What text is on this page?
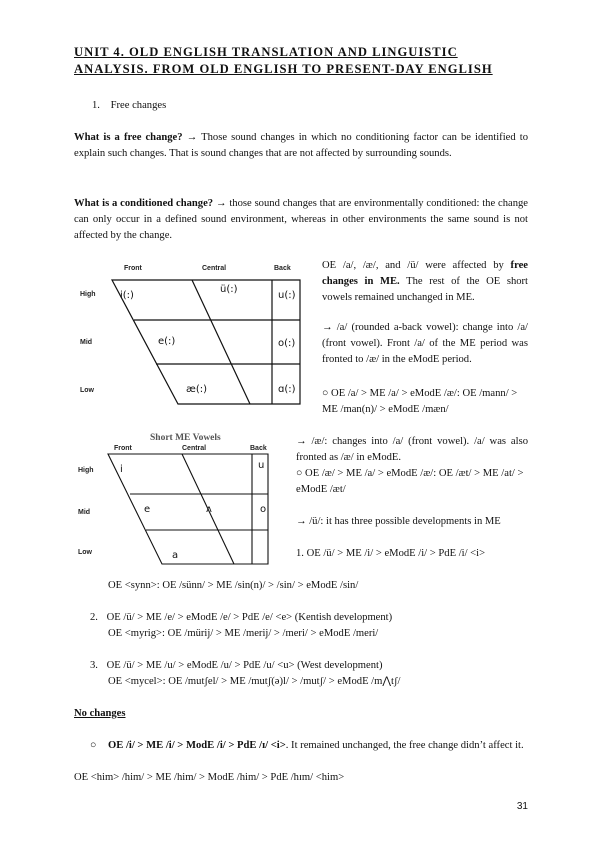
UNIT 4. OLD ENGLISH TRANSLATION AND LINGUISTIC
ANALYSIS. FROM OLD ENGLISH TO PRESENT-DAY ENGLISH
1. Free changes
What is a free change? → Those sound changes in which no conditioning factor can be identified to explain such changes. That is sound changes that are not affected by surrounding sounds.
What is a conditioned change? → those sound changes that are environmentally conditioned: the change can only occur in a defined sound environment, whereas in other environments the same sound is not affected by the change.
Front	Central	Back
High
Mid
Low
i(:)
ü(:)
u(:)
e(:)	o(:)
æ(:)	ɑ(:)
Short ME Vowels
Front	Central	Back
High
Mid
Low
i	u
e	ʌ	o
a
OE /a/, /æ/, and /ü/ were affected by free changes in ME. The rest of the OE short vowels remained unchanged in ME.
→ /a/ (rounded a-back vowel): change into /a/ (front vowel). Front /a/ of the ME period was fronted to /æ/ in the eModE period.
○ OE /a/ > ME /a/ > eModE /æ/: OE /mann/ > ME /man(n)/ > eModE /mæn/
→ /æ/: changes into /a/ (front vowel). /a/ was also fronted as /æ/ in eModE.
○ OE /æ/ > ME /a/ > eModE /æ/: OE /æt/ > ME /at/ > eModE /æt/
→ /ü/: it has three possible developments in ME
1. OE /ü/ > ME /i/ > eModE /i/ > PdE /i/ <i>
OE <synn>: OE /sünn/ > ME /sin(n)/ > /sin/ > eModE /sin/
2. OE /ü/ > ME /e/ > eModE /e/ > PdE /e/ <e> (Kentish development)
OE <myrig>: OE /mürij/ > ME /merij/ > /meri/ > eModE /meri/
3. OE /ü/ > ME /u/ > eModE /u/ > PdE /u/ <u> (West development)
OE <mycel>: OE /mutʃel/ > ME /mutʃ(ə)l/ > /mutʃ/ > eModE /m⋀tʃ/
No changes
○ OE /i/ > ME /i/ > ModE /i/ > PdE /ɪ/ <i>. It remained unchanged, the free change didn’t affect it.
OE <him> /him/ > ME /him/ > ModE /him/ > PdE /hɪm/ <him>
31
